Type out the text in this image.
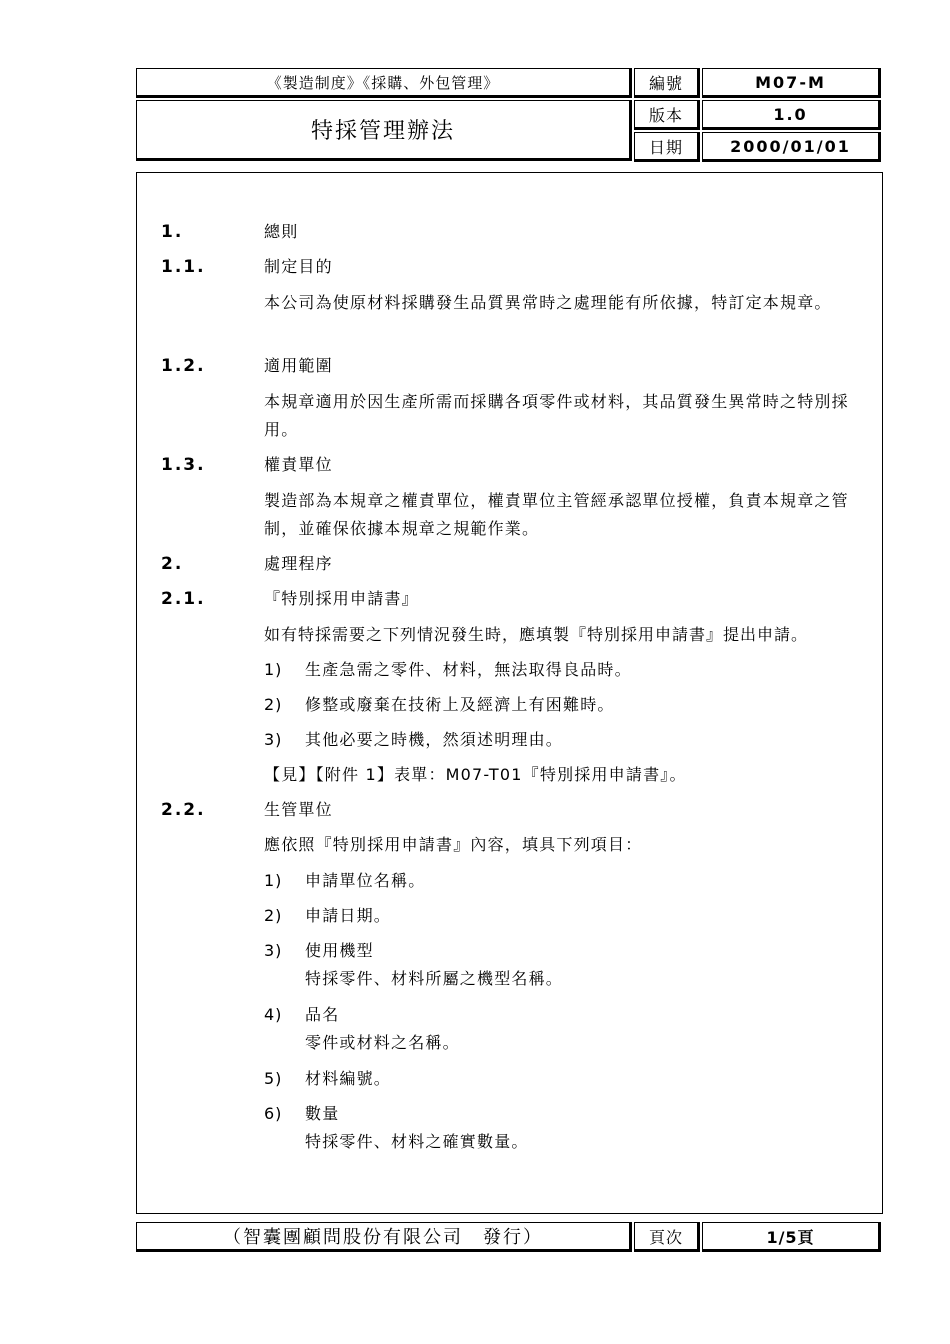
《製造制度》《採購、外包管理》
特採管理辦法
編號	M07-M
版本	1.0
日期	2000/01/01
1.	總則
1.1.	制定目的
本公司為使原材料採購發生品質異常時之處理能有所依據，特訂定本規章。
1.2.	適用範圍
本規章適用於因生產所需而採購各項零件或材料，其品質發生異常時之特別採用。
1.3.	權責單位
製造部為本規章之權責單位，權責單位主管經承認單位授權，負責本規章之管制，並確保依據本規章之規範作業。
2.	處理程序
2.1.	『特別採用申請書』
如有特採需要之下列情況發生時，應填製『特別採用申請書』提出申請。
1) 生產急需之零件、材料，無法取得良品時。
2) 修整或廢棄在技術上及經濟上有困難時。
3) 其他必要之時機，然須述明理由。
【見】【附件 1】表單：M07-T01『特別採用申請書』。
2.2.	生管單位
應依照『特別採用申請書』內容，填具下列項目：
1) 申請單位名稱。
2) 申請日期。
3) 使用機型
特採零件、材料所屬之機型名稱。
4) 品名
零件或材料之名稱。
5) 材料編號。
6) 數量
特採零件、材料之確實數量。
（智囊團顧問股份有限公司　發行）	頁次	1/5頁
